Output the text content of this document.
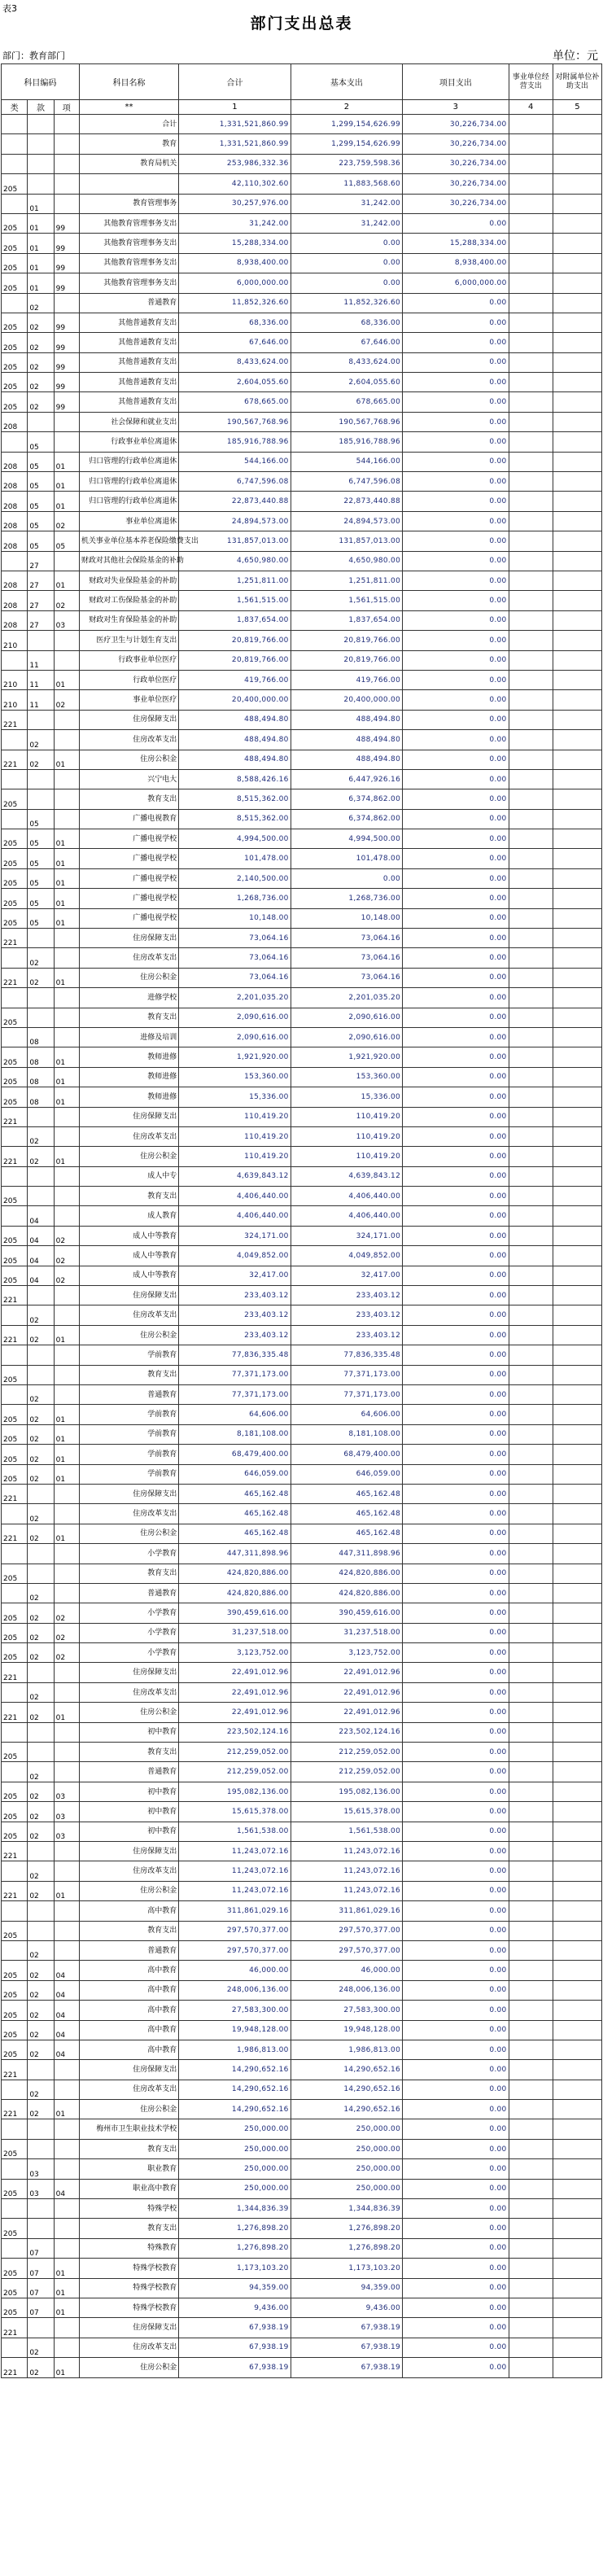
表3
部门支出总表
部门：教育部门	单位：元
科目编码			科目名称	合计	基本支出	项目支出	事业单位经营支出	对附属单位补助支出
类	款	项	**	1	2	3	4	5
			合计	1,331,521,860.99	1,299,154,626.99	30,226,734.00		
			教育	1,331,521,860.99	1,299,154,626.99	30,226,734.00		
			教育局机关	253,986,332.36	223,759,598.36	30,226,734.00		
205				42,110,302.60	11,883,568.60	30,226,734.00		
	01		教育管理事务	30,257,976.00	31,242.00	30,226,734.00		
205	01	99	其他教育管理事务支出	31,242.00	31,242.00	0.00		
205	01	99	其他教育管理事务支出	15,288,334.00	0.00	15,288,334.00		
205	01	99	其他教育管理事务支出	8,938,400.00	0.00	8,938,400.00		
205	01	99	其他教育管理事务支出	6,000,000.00	0.00	6,000,000.00		
	02		普通教育	11,852,326.60	11,852,326.60	0.00		
205	02	99	其他普通教育支出	68,336.00	68,336.00	0.00		
205	02	99	其他普通教育支出	67,646.00	67,646.00	0.00		
205	02	99	其他普通教育支出	8,433,624.00	8,433,624.00	0.00		
205	02	99	其他普通教育支出	2,604,055.60	2,604,055.60	0.00		
205	02	99	其他普通教育支出	678,665.00	678,665.00	0.00		
208			社会保障和就业支出	190,567,768.96	190,567,768.96	0.00		
	05		行政事业单位离退休	185,916,788.96	185,916,788.96	0.00		
208	05	01	归口管理的行政单位离退休	544,166.00	544,166.00	0.00		
208	05	01	归口管理的行政单位离退休	6,747,596.08	6,747,596.08	0.00		
208	05	01	归口管理的行政单位离退休	22,873,440.88	22,873,440.88	0.00		
208	05	02	事业单位离退休	24,894,573.00	24,894,573.00	0.00		
208	05	05	机关事业单位基本养老保险缴费支出	131,857,013.00	131,857,013.00	0.00		
	27		财政对其他社会保险基金的补助	4,650,980.00	4,650,980.00	0.00		
208	27	01	财政对失业保险基金的补助	1,251,811.00	1,251,811.00	0.00		
208	27	02	财政对工伤保险基金的补助	1,561,515.00	1,561,515.00	0.00		
208	27	03	财政对生育保险基金的补助	1,837,654.00	1,837,654.00	0.00		
210			医疗卫生与计划生育支出	20,819,766.00	20,819,766.00	0.00		
	11		行政事业单位医疗	20,819,766.00	20,819,766.00	0.00		
210	11	01	行政单位医疗	419,766.00	419,766.00	0.00		
210	11	02	事业单位医疗	20,400,000.00	20,400,000.00	0.00		
221			住房保障支出	488,494.80	488,494.80	0.00		
	02		住房改革支出	488,494.80	488,494.80	0.00		
221	02	01	住房公积金	488,494.80	488,494.80	0.00		
			兴宁电大	8,588,426.16	6,447,926.16	0.00		
205			教育支出	8,515,362.00	6,374,862.00	0.00		
	05		广播电视教育	8,515,362.00	6,374,862.00	0.00		
205	05	01	广播电视学校	4,994,500.00	4,994,500.00	0.00		
205	05	01	广播电视学校	101,478.00	101,478.00	0.00		
205	05	01	广播电视学校	2,140,500.00	0.00	0.00		
205	05	01	广播电视学校	1,268,736.00	1,268,736.00	0.00		
205	05	01	广播电视学校	10,148.00	10,148.00	0.00		
221			住房保障支出	73,064.16	73,064.16	0.00		
	02		住房改革支出	73,064.16	73,064.16	0.00		
221	02	01	住房公积金	73,064.16	73,064.16	0.00		
			进修学校	2,201,035.20	2,201,035.20	0.00		
205			教育支出	2,090,616.00	2,090,616.00	0.00		
	08		进修及培训	2,090,616.00	2,090,616.00	0.00		
205	08	01	教师进修	1,921,920.00	1,921,920.00	0.00		
205	08	01	教师进修	153,360.00	153,360.00	0.00		
205	08	01	教师进修	15,336.00	15,336.00	0.00		
221			住房保障支出	110,419.20	110,419.20	0.00		
	02		住房改革支出	110,419.20	110,419.20	0.00		
221	02	01	住房公积金	110,419.20	110,419.20	0.00		
			成人中专	4,639,843.12	4,639,843.12	0.00		
205			教育支出	4,406,440.00	4,406,440.00	0.00		
	04		成人教育	4,406,440.00	4,406,440.00	0.00		
205	04	02	成人中等教育	324,171.00	324,171.00	0.00		
205	04	02	成人中等教育	4,049,852.00	4,049,852.00	0.00		
205	04	02	成人中等教育	32,417.00	32,417.00	0.00		
221			住房保障支出	233,403.12	233,403.12	0.00		
	02		住房改革支出	233,403.12	233,403.12	0.00		
221	02	01	住房公积金	233,403.12	233,403.12	0.00		
			学前教育	77,836,335.48	77,836,335.48	0.00		
205			教育支出	77,371,173.00	77,371,173.00	0.00		
	02		普通教育	77,371,173.00	77,371,173.00	0.00		
205	02	01	学前教育	64,606.00	64,606.00	0.00		
205	02	01	学前教育	8,181,108.00	8,181,108.00	0.00		
205	02	01	学前教育	68,479,400.00	68,479,400.00	0.00		
205	02	01	学前教育	646,059.00	646,059.00	0.00		
221			住房保障支出	465,162.48	465,162.48	0.00		
	02		住房改革支出	465,162.48	465,162.48	0.00		
221	02	01	住房公积金	465,162.48	465,162.48	0.00		
			小学教育	447,311,898.96	447,311,898.96	0.00		
205			教育支出	424,820,886.00	424,820,886.00	0.00		
	02		普通教育	424,820,886.00	424,820,886.00	0.00		
205	02	02	小学教育	390,459,616.00	390,459,616.00	0.00		
205	02	02	小学教育	31,237,518.00	31,237,518.00	0.00		
205	02	02	小学教育	3,123,752.00	3,123,752.00	0.00		
221			住房保障支出	22,491,012.96	22,491,012.96	0.00		
	02		住房改革支出	22,491,012.96	22,491,012.96	0.00		
221	02	01	住房公积金	22,491,012.96	22,491,012.96	0.00		
			初中教育	223,502,124.16	223,502,124.16	0.00		
205			教育支出	212,259,052.00	212,259,052.00	0.00		
	02		普通教育	212,259,052.00	212,259,052.00	0.00		
205	02	03	初中教育	195,082,136.00	195,082,136.00	0.00		
205	02	03	初中教育	15,615,378.00	15,615,378.00	0.00		
205	02	03	初中教育	1,561,538.00	1,561,538.00	0.00		
221			住房保障支出	11,243,072.16	11,243,072.16	0.00		
	02		住房改革支出	11,243,072.16	11,243,072.16	0.00		
221	02	01	住房公积金	11,243,072.16	11,243,072.16	0.00		
			高中教育	311,861,029.16	311,861,029.16	0.00		
205			教育支出	297,570,377.00	297,570,377.00	0.00		
	02		普通教育	297,570,377.00	297,570,377.00	0.00		
205	02	04	高中教育	46,000.00	46,000.00	0.00		
205	02	04	高中教育	248,006,136.00	248,006,136.00	0.00		
205	02	04	高中教育	27,583,300.00	27,583,300.00	0.00		
205	02	04	高中教育	19,948,128.00	19,948,128.00	0.00		
205	02	04	高中教育	1,986,813.00	1,986,813.00	0.00		
221			住房保障支出	14,290,652.16	14,290,652.16	0.00		
	02		住房改革支出	14,290,652.16	14,290,652.16	0.00		
221	02	01	住房公积金	14,290,652.16	14,290,652.16	0.00		
			梅州市卫生职业技术学校	250,000.00	250,000.00	0.00		
205			教育支出	250,000.00	250,000.00	0.00		
	03		职业教育	250,000.00	250,000.00	0.00		
205	03	04	职业高中教育	250,000.00	250,000.00	0.00		
			特殊学校	1,344,836.39	1,344,836.39	0.00		
205			教育支出	1,276,898.20	1,276,898.20	0.00		
	07		特殊教育	1,276,898.20	1,276,898.20	0.00		
205	07	01	特殊学校教育	1,173,103.20	1,173,103.20	0.00		
205	07	01	特殊学校教育	94,359.00	94,359.00	0.00		
205	07	01	特殊学校教育	9,436.00	9,436.00	0.00		
221			住房保障支出	67,938.19	67,938.19	0.00		
	02		住房改革支出	67,938.19	67,938.19	0.00		
221	02	01	住房公积金	67,938.19	67,938.19	0.00		
